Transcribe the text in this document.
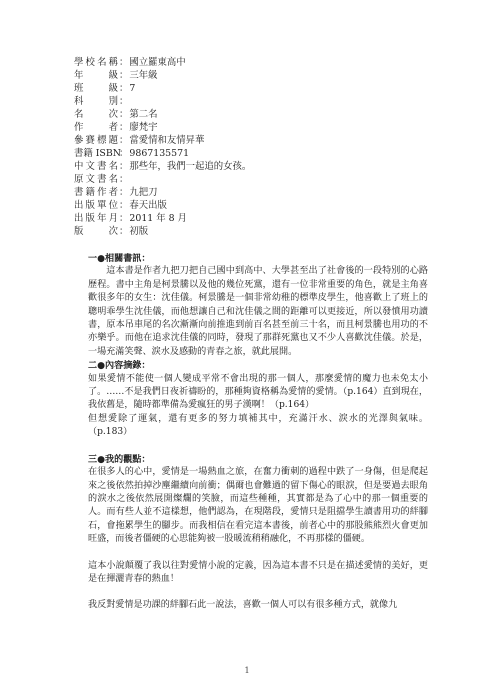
學校名稱 ： 國立羅東高中
年　級 ： 三年級
班　級 ： 7
科　別 ：
名　次 ： 第二名
作　者 ： 廖梵宇
參賽標題 ： 當愛情和友情昇華
書籍 ISBN
： 9867135571
中文書名 ： 那些年，我們一起追的女孩。
原文書名 ：
書籍作者 ： 九把刀
出版單位 ： 春天出版
出版年月 ： 2011 年 8 月
版　次 ： 初版

一●相關書訊：

這本書是作者九把刀把自己國中到高中、大學甚至出了社會後的一段特別的心路歷程。書中主角是柯景騰以及他的幾位死黨，還有一位非常重要的角色，就是主角喜歡很多年的女生：沈佳儀。柯景騰是一個非常幼稚的標準皮學生，他喜歡上了班上的聰明乖學生沈佳儀，而他想讓自己和沈佳儀之間的距離可以更接近，所以發憤用功讀書，原本吊車尾的名次漸漸向前推進到前百名甚至前三十名，而且柯景騰也用功的不亦樂乎。而他在追求沈佳儀的同時，發現了那群死黨也又不少人喜歡沈佳儀。於是，一場充滿笑聲、淚水及感動的青春之旅，就此展開。

二●內容摘錄：

如果愛情不能使一個人變成平常不會出現的那一個人，那麼愛情的魔力也未免太小了。……不是我們日夜祈禱盼的，那種夠資格稱為愛情的愛情。（p.164）直到現在，我依舊是，隨時都準備為愛瘋狂的男子漢啊！（p.164）

但想愛除了運氣，還有更多的努力填補其中，充滿汗水、淚水的光澤與氣味。（p.183）

三●我的觀點：

在很多人的心中，愛情是一場熱血之旅，在奮力衝刺的過程中跌了一身傷，但是爬起來之後依然拍掉沙塵繼續向前衝；偶爾也會難過的留下傷心的眼淚，但是要過去眼角的淚水之後依然展開燦爛的笑臉，而這些種種，其實都是為了心中的那一個重要的人。而有些人並不這樣想，他們認為，在現階段，愛情只是阻擋學生讀書用功的絆腳石，會拖累學生的腳步。而我相信在看完這本書後，前者心中的那股熊熊烈火會更加旺盛，而後者僵硬的心思能夠被一股暖流稍稍融化，不再那樣的僵硬。

這本小說顛覆了我以往對愛情小說的定義，因為這本書不只是在描述愛情的美好，更是在揮灑青春的熱血！

我反對愛情是功課的絆腳石此一說法，喜歡一個人可以有很多種方式，就像九

1
